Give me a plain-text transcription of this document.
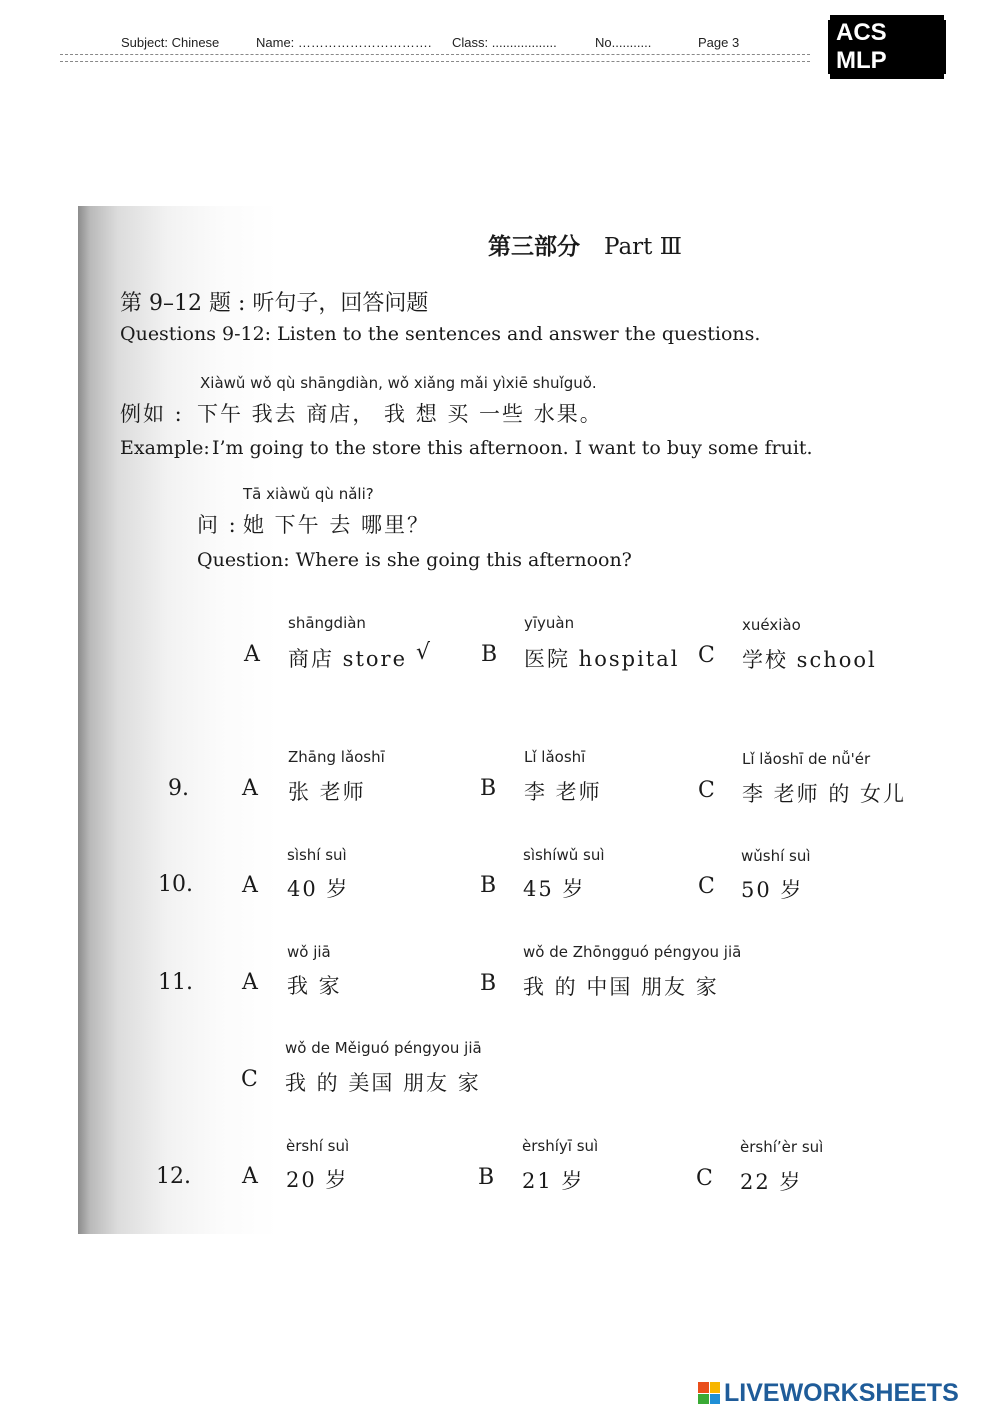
Subject: Chinese	Name: …………………………. Class: ..................	No...........	Page 3	ACS MLP
第三部分 Part Ⅲ
第 9–12 题 : 听句子，回答问题
Questions 9-12: Listen to the sentences and answer the questions.
Xiàwǔ wǒ qù shāngdiàn, wǒ xiǎng mǎi yìxiē shuǐguǒ.
例如 : 下午 我去 商店， 我 想 买 一些 水果。
Example: I’m going to the store this afternoon. I want to buy some fruit.
Tā xiàwǔ qù nǎli?
问 : 她 下午 去 哪里？
Question: Where is she going this afternoon?
shāngdiàn
A 商店 store √
yīyuàn
B 医院 hospital
xuéxiào
C 学校 school
9.
Zhāng lǎoshī
A 张 老师
Lǐ lǎoshī
B 李 老师
Lǐ lǎoshī de nǚ'ér
C 李 老师 的 女儿
10.
sìshí suì
A 40 岁
sìshíwǔ suì
B 45 岁
wǔshí suì
C 50 岁
11.
wǒ jiā
A 我 家
wǒ de Zhōngguó péngyou jiā
B 我 的 中国 朋友 家
wǒ de Měiguó péngyou jiā
C 我 的 美国 朋友 家
12.
èrshí suì
A 20 岁
èrshíyī suì
B 21 岁
èrshí’èr suì
C 22 岁
LIVEWORKSHEETS
